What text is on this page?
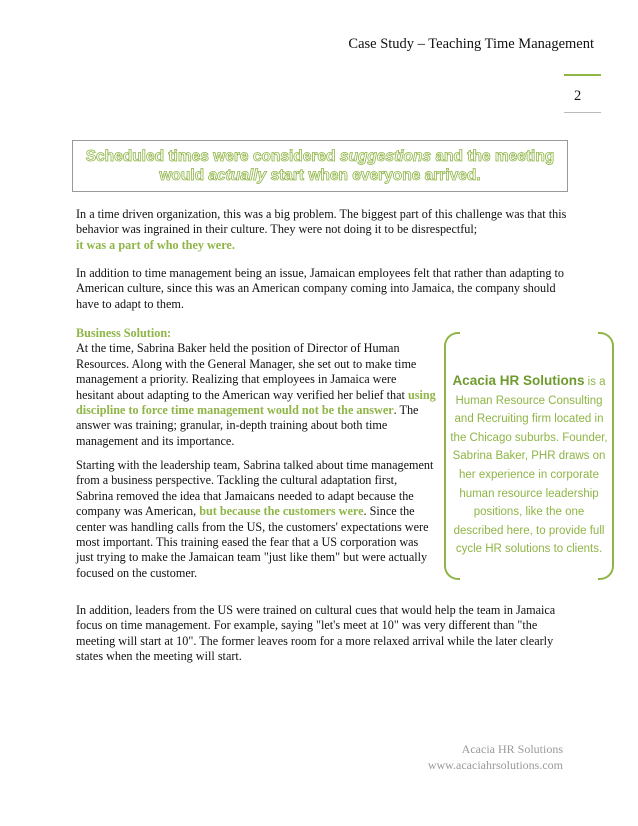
Case Study – Teaching Time Management
2
Scheduled times were considered suggestions and the meeting would actually start when everyone arrived.
In a time driven organization, this was a big problem. The biggest part of this challenge was that this behavior was ingrained in their culture. They were not doing it to be disrespectful;
it was a part of who they were.
In addition to time management being an issue, Jamaican employees felt that rather than adapting to American culture, since this was an American company coming into Jamaica, the company should have to adapt to them.
Business Solution:
At the time, Sabrina Baker held the position of Director of Human Resources. Along with the General Manager, she set out to make time management a priority. Realizing that employees in Jamaica were hesitant about adapting to the American way verified her belief that using discipline to force time management would not be the answer. The answer was training; granular, in-depth training about both time management and its importance.
Starting with the leadership team, Sabrina talked about time management from a business perspective. Tackling the cultural adaptation first, Sabrina removed the idea that Jamaicans needed to adapt because the company was American, but because the customers were. Since the center was handling calls from the US, the customers' expectations were most important. This training eased the fear that a US corporation was just trying to make the Jamaican team "just like them" but were actually focused on the customer.
In addition, leaders from the US were trained on cultural cues that would help the team in Jamaica focus on time management. For example, saying "let's meet at 10" was very different than "the meeting will start at 10". The former leaves room for a more relaxed arrival while the later clearly states when the meeting will start.
Acacia HR Solutions is a Human Resource Consulting and Recruiting firm located in the Chicago suburbs. Founder, Sabrina Baker, PHR draws on her experience in corporate human resource leadership positions, like the one described here, to provide full cycle HR solutions to clients.
Acacia HR Solutions
www.acaciahrsolutions.com
